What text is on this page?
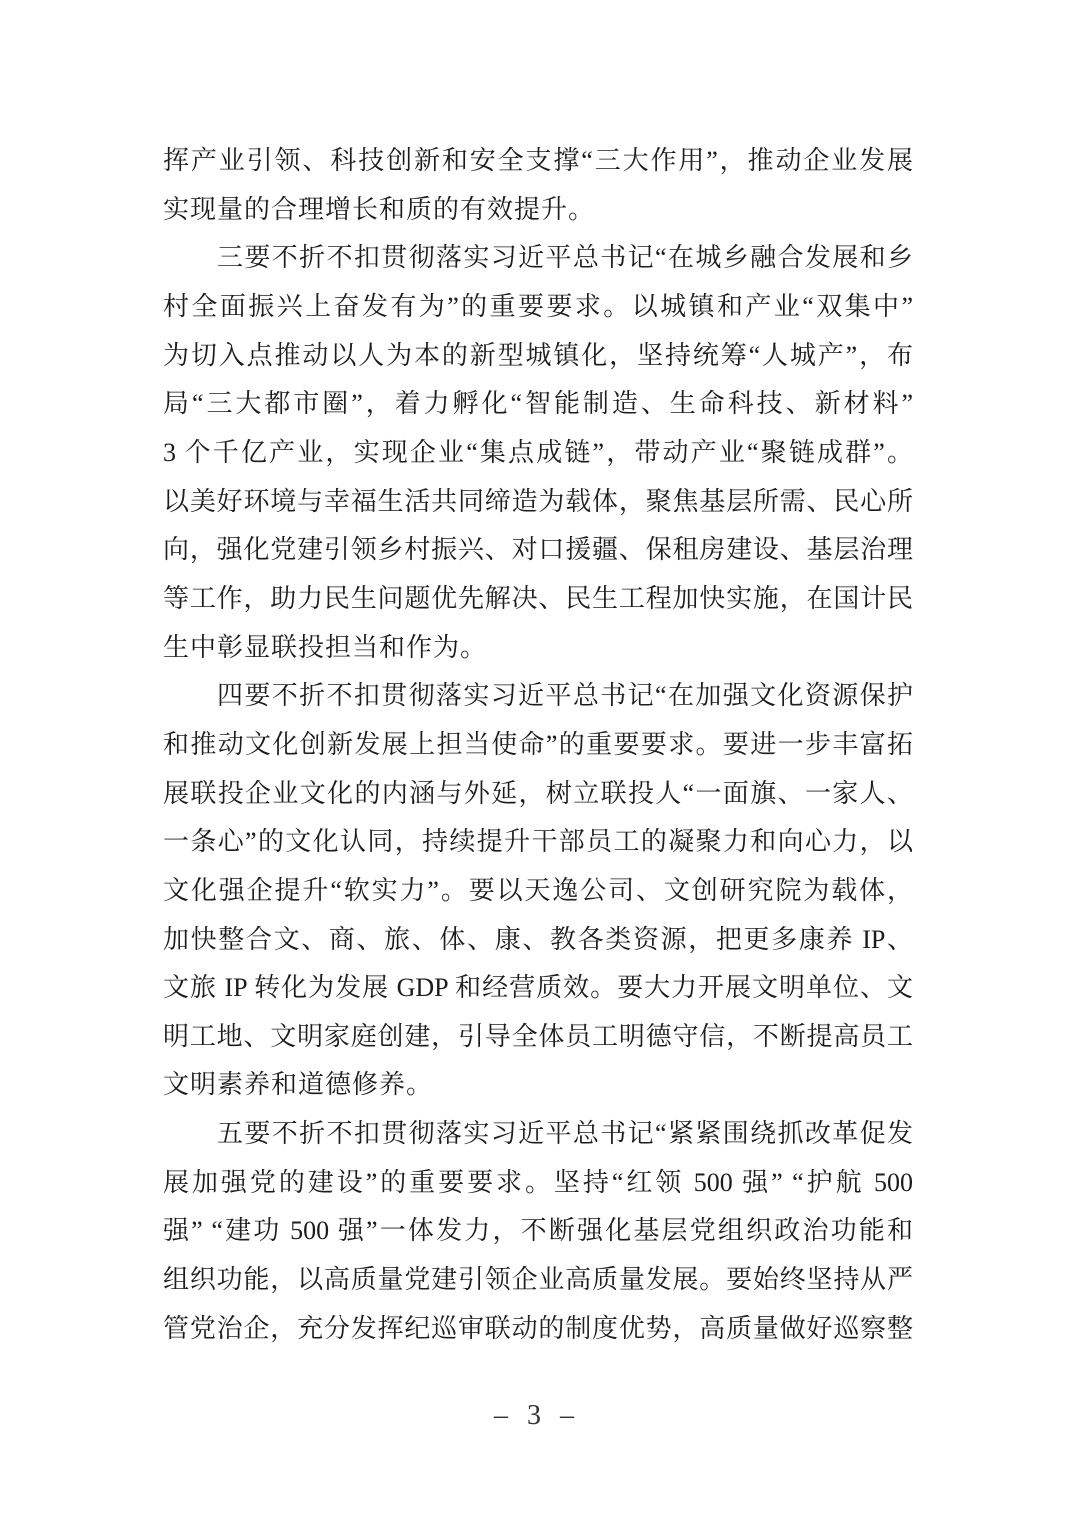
挥产业引领、科技创新和安全支撑“三大作用”，推动企业发展
实现量的合理增长和质的有效提升。
三要不折不扣贯彻落实习近平总书记“在城乡融合发展和乡
村全面振兴上奋发有为”的重要要求。以城镇和产业“双集中”
为切入点推动以人为本的新型城镇化，坚持统筹“人城产”，布
局“三大都市圈”，着力孵化“智能制造、生命科技、新材料”
3 个千亿产业，实现企业“集点成链”，带动产业“聚链成群”。
以美好环境与幸福生活共同缔造为载体，聚焦基层所需、民心所
向，强化党建引领乡村振兴、对口援疆、保租房建设、基层治理
等工作，助力民生问题优先解决、民生工程加快实施，在国计民
生中彰显联投担当和作为。
四要不折不扣贯彻落实习近平总书记“在加强文化资源保护
和推动文化创新发展上担当使命”的重要要求。要进一步丰富拓
展联投企业文化的内涵与外延，树立联投人“一面旗、一家人、
一条心”的文化认同，持续提升干部员工的凝聚力和向心力，以
文化强企提升“软实力”。要以天逸公司、文创研究院为载体，
加快整合文、商、旅、体、康、教各类资源，把更多康养 IP、
文旅 IP 转化为发展 GDP 和经营质效。要大力开展文明单位、文
明工地、文明家庭创建，引导全体员工明德守信，不断提高员工
文明素养和道德修养。
五要不折不扣贯彻落实习近平总书记“紧紧围绕抓改革促发
展加强党的建设”的重要要求。坚持“红领 500 强” “护航 500
强” “建功 500 强”一体发力，不断强化基层党组织政治功能和
组织功能，以高质量党建引领企业高质量发展。要始终坚持从严
管党治企，充分发挥纪巡审联动的制度优势，高质量做好巡察整
– 3 –
